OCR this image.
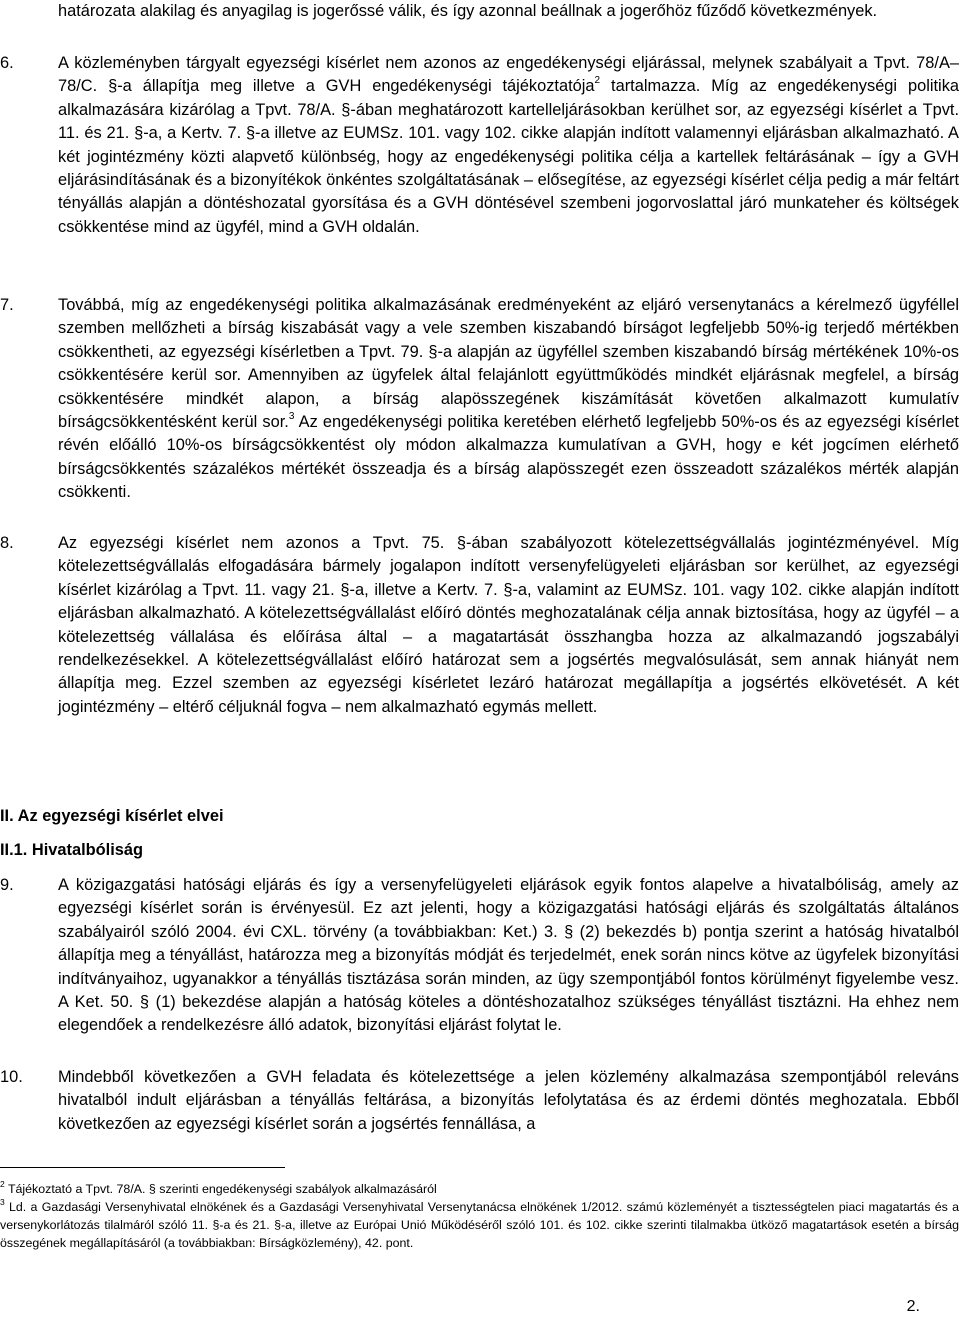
határozata alakilag és anyagilag is jogerőssé válik, és így azonnal beállnak a jogerőhöz fűződő következmények.
6.	A közleményben tárgyalt egyezségi kísérlet nem azonos az engedékenységi eljárással, melynek szabályait a Tpvt. 78/A–78/C. §-a állapítja meg illetve a GVH engedékenységi tájékoztatója$^2$ tartalmazza. Míg az engedékenységi politika alkalmazására kizárólag a Tpvt. 78/A. §-ában meghatározott kartelleljárásokban kerülhet sor, az egyezségi kísérlet a Tpvt. 11. és 21. §-a, a Kertv. 7. §-a illetve az EUMSz. 101. vagy 102. cikke alapján indított valamennyi eljárásban alkalmazható. A két jogintézmény közti alapvető különbség, hogy az engedékenységi politika célja a kartellek feltárásának – így a GVH eljárásindításának és a bizonyítékok önkéntes szolgáltatásának – elősegítése, az egyezségi kísérlet célja pedig a már feltárt tényállás alapján a döntéshozatal gyorsítása és a GVH döntésével szembeni jogorvoslattal járó munkateher és költségek csökkentése mind az ügyfél, mind a GVH oldalán.
7.	Továbbá, míg az engedékenységi politika alkalmazásának eredményeként az eljáró versenytanács a kérelmező ügyféllel szemben mellőzheti a bírság kiszabását vagy a vele szemben kiszabandó bírságot legfeljebb 50%-ig terjedő mértékben csökkentheti, az egyezségi kísérletben a Tpvt. 79. §-a alapján az ügyféllel szemben kiszabandó bírság mértékének 10%-os csökkentésére kerül sor. Amennyiben az ügyfelek által felajánlott együttműködés mindkét eljárásnak megfelel, a bírság csökkentésére mindkét alapon, a bírság alapösszegének kiszámítását követően alkalmazott kumulatív bírságcsökkentésként kerül sor.$^3$ Az engedékenységi politika keretében elérhető legfeljebb 50%-os és az egyezségi kísérlet révén előálló 10%-os bírságcsökkentést oly módon alkalmazza kumulatívan a GVH, hogy e két jogcímen elérhető bírságcsökkentés százalékos mértékét összeadja és a bírság alapösszegét ezen összeadott százalékos mérték alapján csökkenti.
8.	Az egyezségi kísérlet nem azonos a Tpvt. 75. §-ában szabályozott kötelezettségvállalás jogintézményével. Míg kötelezettségvállalás elfogadására bármely jogalapon indított versenyfelügyeleti eljárásban sor kerülhet, az egyezségi kísérlet kizárólag a Tpvt. 11. vagy 21. §-a, illetve a Kertv. 7. §-a, valamint az EUMSz. 101. vagy 102. cikke alapján indított eljárásban alkalmazható. A kötelezettségvállalást előíró döntés meghozatalának célja annak biztosítása, hogy az ügyfél – a kötelezettség vállalása és előírása által – a magatartását összhangba hozza az alkalmazandó jogszabályi rendelkezésekkel. A kötelezettségvállalást előíró határozat sem a jogsértés megvalósulását, sem annak hiányát nem állapítja meg. Ezzel szemben az egyezségi kísérletet lezáró határozat megállapítja a jogsértés elkövetését. A két jogintézmény – eltérő céljuknál fogva – nem alkalmazható egymás mellett.
II. Az egyezségi kísérlet elvei
II.1. Hivatalbóliság
9.	A közigazgatási hatósági eljárás és így a versenyfelügyeleti eljárások egyik fontos alapelve a hivatalbóliság, amely az egyezségi kísérlet során is érvényesül. Ez azt jelenti, hogy a közigazgatási hatósági eljárás és szolgáltatás általános szabályairól szóló 2004. évi CXL. törvény (a továbbiakban: Ket.) 3. § (2) bekezdés b) pontja szerint a hatóság hivatalból állapítja meg a tényállást, határozza meg a bizonyítás módját és terjedelmét, enek során nincs kötve az ügyfelek bizonyítási indítványaihoz, ugyanakkor a tényállás tisztázása során minden, az ügy szempontjából fontos körülményt figyelembe vesz. A Ket. 50. § (1) bekezdése alapján a hatóság köteles a döntéshozatalhoz szükséges tényállást tisztázni. Ha ehhez nem elegendőek a rendelkezésre álló adatok, bizonyítási eljárást folytat le.
10. Mindebből következően a GVH feladata és kötelezettsége a jelen közlemény alkalmazása szempontjából releváns hivatalból indult eljárásban a tényállás feltárása, a bizonyítás lefolytatása és az érdemi döntés meghozatala. Ebből következően az egyezségi kísérlet során a jogsértés fennállása, a
$^2$ Tájékoztató a Tpvt. 78/A. § szerinti engedékenységi szabályok alkalmazásáról
$^3$ Ld. a Gazdasági Versenyhivatal elnökének és a Gazdasági Versenyhivatal Versenytanácsa elnökének 1/2012. számú közleményét a tisztességtelen piaci magatartás és a versenykorlátozás tilalmáról szóló 11. §-a és 21. §-a, illetve az Európai Unió Működéséről szóló 101. és 102. cikke szerinti tilalmakba ütköző magatartások esetén a bírság összegének megállapításáról (a továbbiakban: Bírságközlemény), 42. pont.
2.
